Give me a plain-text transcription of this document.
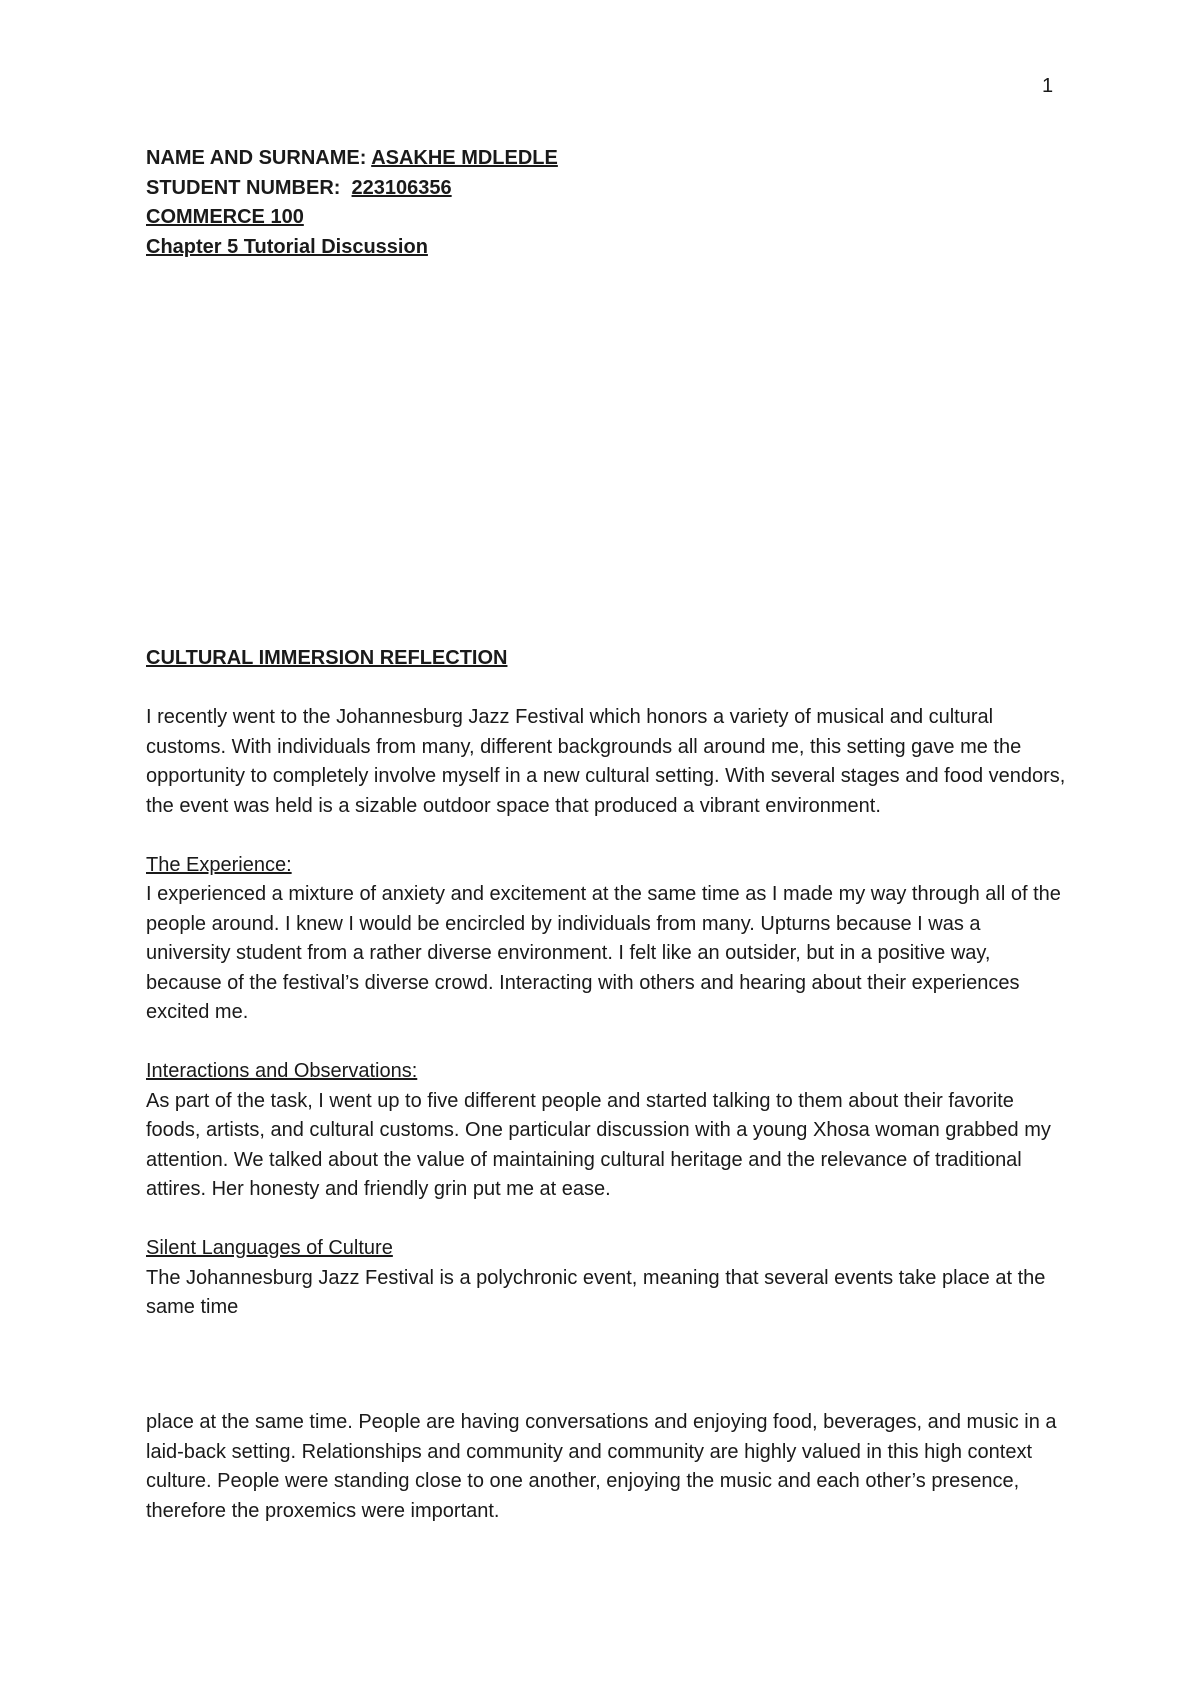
1
NAME AND SURNAME: ASAKHE MDLEDLE
STUDENT NUMBER:  223106356
COMMERCE 100
Chapter 5 Tutorial Discussion

CULTURAL IMMERSION REFLECTION

I recently went to the Johannesburg Jazz Festival which honors a variety of musical and cultural customs. With individuals from many, different backgrounds all around me, this setting gave me the opportunity to completely involve myself in a new cultural setting. With several stages and food vendors, the event was held is a sizable outdoor space that produced a vibrant environment.

The Experience:

I experienced a mixture of anxiety and excitement at the same time as I made my way through all of the people around. I knew I would be encircled by individuals from many. Upturns because I was a university student from a rather diverse environment. I felt like an outsider, but in a positive way, because of the festival’s diverse crowd. Interacting with others and hearing about their experiences excited me.

Interactions and Observations:

As part of the task, I went up to five different people and started talking to them about their favorite foods, artists, and cultural customs. One particular discussion with a young Xhosa woman grabbed my attention. We talked about the value of maintaining cultural heritage and the relevance of traditional attires. Her honesty and friendly grin put me at ease.

Silent Languages of Culture

The Johannesburg Jazz Festival is a polychronic event, meaning that several events take place at the same time

place at the same time. People are having conversations and enjoying food, beverages, and music in a laid-back setting. Relationships and community and community are highly valued in this high context culture. People were standing close to one another, enjoying the music and each other’s presence, therefore the proxemics were important.
